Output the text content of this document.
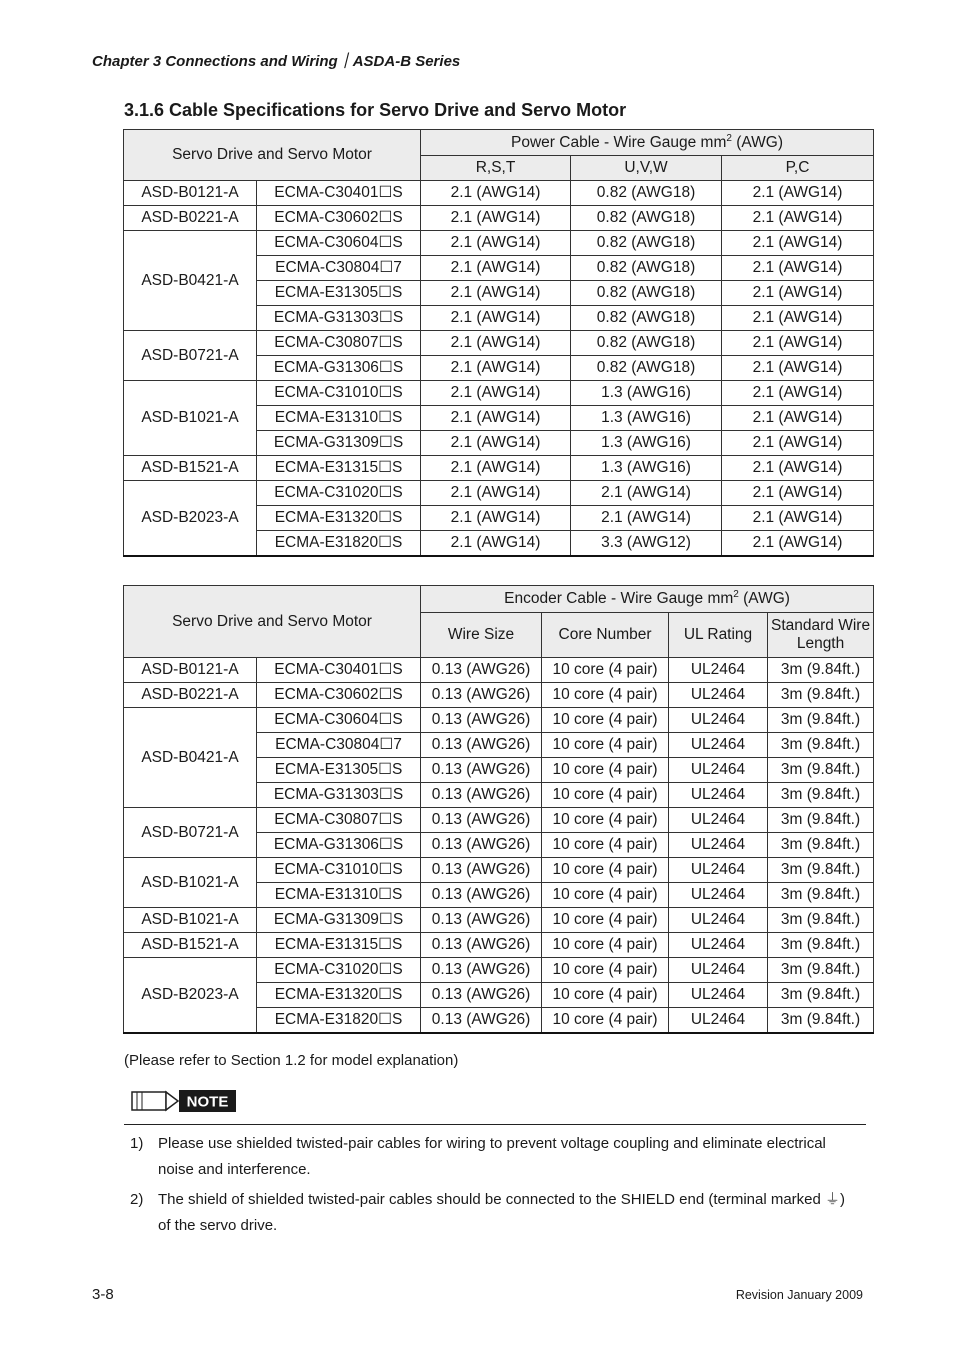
Chapter 3 Connections and Wiring｜ASDA-B Series
3.1.6 Cable Specifications for Servo Drive and Servo Motor
Servo Drive and Servo Motor		Power Cable - Wire Gauge $mm^2$ (AWG)		
		R,S,T	U,V,W	P,C
ASD-B0121-A	ECMA-C30401☐S	2.1 (AWG14)	0.82 (AWG18)	2.1 (AWG14)
ASD-B0221-A	ECMA-C30602☐S	2.1 (AWG14)	0.82 (AWG18)	2.1 (AWG14)
ASD-B0421-A	ECMA-C30604☐S	2.1 (AWG14)	0.82 (AWG18)	2.1 (AWG14)
	ECMA-C30804☐7	2.1 (AWG14)	0.82 (AWG18)	2.1 (AWG14)
	ECMA-E31305☐S	2.1 (AWG14)	0.82 (AWG18)	2.1 (AWG14)
	ECMA-G31303☐S	2.1 (AWG14)	0.82 (AWG18)	2.1 (AWG14)
ASD-B0721-A	ECMA-C30807☐S	2.1 (AWG14)	0.82 (AWG18)	2.1 (AWG14)
	ECMA-G31306☐S	2.1 (AWG14)	0.82 (AWG18)	2.1 (AWG14)
ASD-B1021-A	ECMA-C31010☐S	2.1 (AWG14)	1.3 (AWG16)	2.1 (AWG14)
	ECMA-E31310☐S	2.1 (AWG14)	1.3 (AWG16)	2.1 (AWG14)
	ECMA-G31309☐S	2.1 (AWG14)	1.3 (AWG16)	2.1 (AWG14)
ASD-B1521-A	ECMA-E31315☐S	2.1 (AWG14)	1.3 (AWG16)	2.1 (AWG14)
ASD-B2023-A	ECMA-C31020☐S	2.1 (AWG14)	2.1 (AWG14)	2.1 (AWG14)
	ECMA-E31320☐S	2.1 (AWG14)	2.1 (AWG14)	2.1 (AWG14)
	ECMA-E31820☐S	2.1 (AWG14)	3.3 (AWG12)	2.1 (AWG14)
Servo Drive and Servo Motor		Encoder Cable - Wire Gauge $mm^2$ (AWG)			
		Wire Size	Core Number	UL Rating	Standard Wire Length
ASD-B0121-A	ECMA-C30401☐S	0.13 (AWG26)	10 core (4 pair)	UL2464	3m (9.84ft.)
ASD-B0221-A	ECMA-C30602☐S	0.13 (AWG26)	10 core (4 pair)	UL2464	3m (9.84ft.)
ASD-B0421-A	ECMA-C30604☐S	0.13 (AWG26)	10 core (4 pair)	UL2464	3m (9.84ft.)
	ECMA-C30804☐7	0.13 (AWG26)	10 core (4 pair)	UL2464	3m (9.84ft.)
	ECMA-E31305☐S	0.13 (AWG26)	10 core (4 pair)	UL2464	3m (9.84ft.)
	ECMA-G31303☐S	0.13 (AWG26)	10 core (4 pair)	UL2464	3m (9.84ft.)
ASD-B0721-A	ECMA-C30807☐S	0.13 (AWG26)	10 core (4 pair)	UL2464	3m (9.84ft.)
	ECMA-G31306☐S	0.13 (AWG26)	10 core (4 pair)	UL2464	3m (9.84ft.)
ASD-B1021-A	ECMA-C31010☐S	0.13 (AWG26)	10 core (4 pair)	UL2464	3m (9.84ft.)
	ECMA-E31310☐S	0.13 (AWG26)	10 core (4 pair)	UL2464	3m (9.84ft.)
ASD-B1021-A	ECMA-G31309☐S	0.13 (AWG26)	10 core (4 pair)	UL2464	3m (9.84ft.)
ASD-B1521-A	ECMA-E31315☐S	0.13 (AWG26)	10 core (4 pair)	UL2464	3m (9.84ft.)
ASD-B2023-A	ECMA-C31020☐S	0.13 (AWG26)	10 core (4 pair)	UL2464	3m (9.84ft.)
	ECMA-E31320☐S	0.13 (AWG26)	10 core (4 pair)	UL2464	3m (9.84ft.)
	ECMA-E31820☐S	0.13 (AWG26)	10 core (4 pair)	UL2464	3m (9.84ft.)
(Please refer to Section 1.2 for model explanation)
NOTE
1) Please use shielded twisted-pair cables for wiring to prevent voltage coupling and eliminate electrical noise and interference.
2) The shield of shielded twisted-pair cables should be connected to the SHIELD end (terminal marked ⏚) of the servo drive.
3-8	Revision January 2009
